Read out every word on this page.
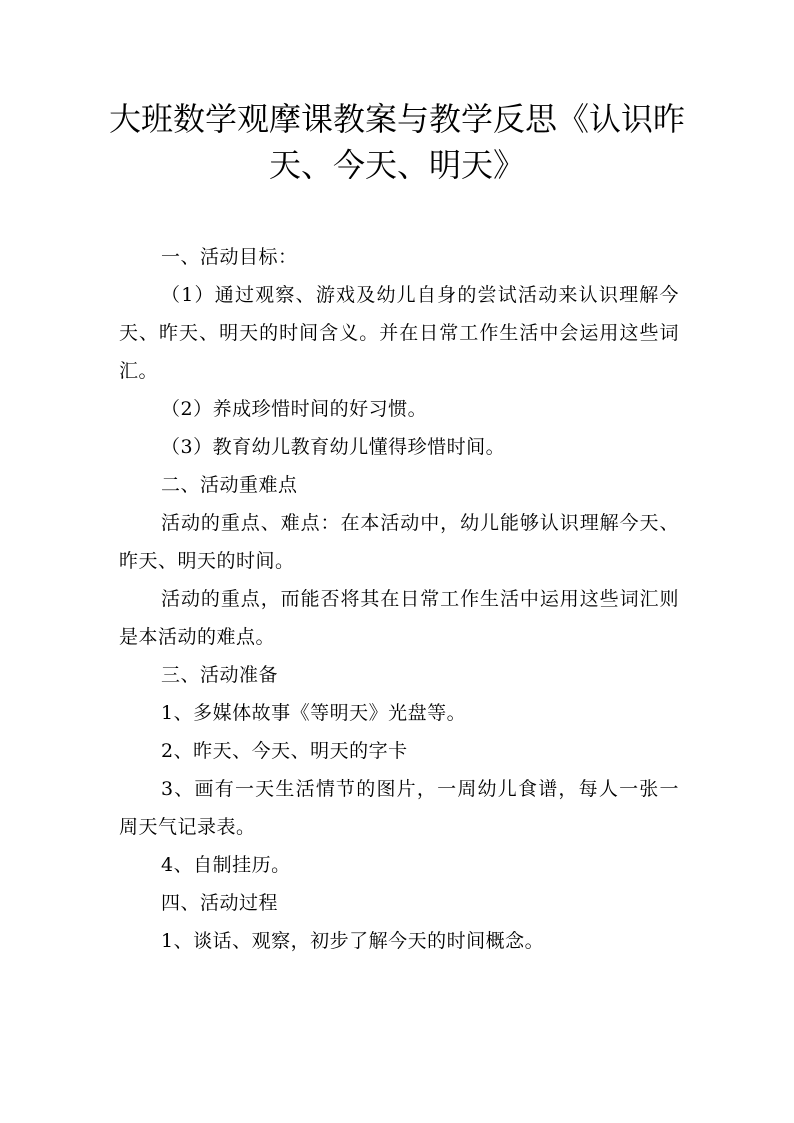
大班数学观摩课教案与教学反思《认识昨天、今天、明天》

一、活动目标：

（1）通过观察、游戏及幼儿自身的尝试活动来认识理解今天、昨天、明天的时间含义。并在日常工作生活中会运用这些词汇。

（2）养成珍惜时间的好习惯。

（3）教育幼儿教育幼儿懂得珍惜时间。

二、活动重难点

活动的重点、难点：在本活动中，幼儿能够认识理解今天、昨天、明天的时间。

活动的重点，而能否将其在日常工作生活中运用这些词汇则是本活动的难点。

三、活动准备

1、多媒体故事《等明天》光盘等。

2、昨天、今天、明天的字卡

3、画有一天生活情节的图片，一周幼儿食谱，每人一张一周天气记录表。

4、自制挂历。

四、活动过程

1、谈话、观察，初步了解今天的时间概念。
